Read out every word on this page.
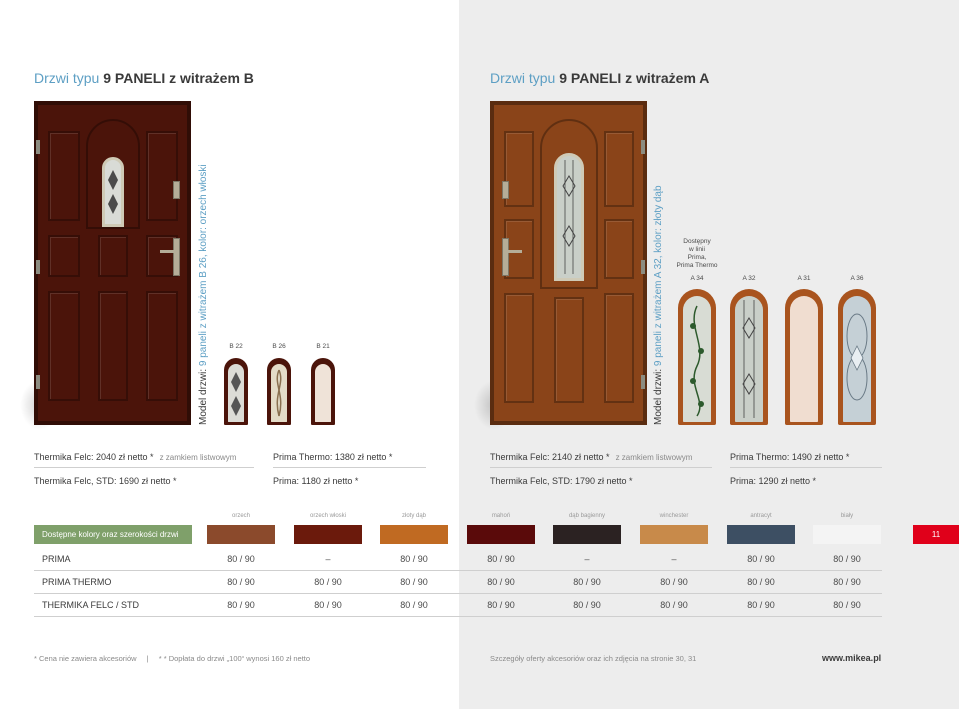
Drzwi typu 9 PANELI z witrażem B
Model drzwi: 9 paneli z witrażem B 26, kolor: orzech włoski	B 22	B 26	B 21
Drzwi typu 9 PANELI z witrażem A
Model drzwi: 9 paneli z witrażem A 32, kolor: złoty dąb	Dostępny
w linii
Prima,
Prima Thermo
A 34	A 32	A 31	A 36
Thermika Felc: 2040 zł netto * z zamkiem listwowym	Prima Thermo: 1380 zł netto *
Thermika Felc, STD: 1690 zł netto *	Prima: 1180 zł netto *
Thermika Felc: 2140 zł netto * z zamkiem listwowym	Prima Thermo: 1490 zł netto *
Thermika Felc, STD: 1790 zł netto *	Prima: 1290 zł netto *
orzech	orzech włoski	złoty dąb	mahoń	dąb bagienny	winchester	antracyt	biały
Dostępne kolory oraz szerokości drzwi	11
PRIMA	80 / 90	–	80 / 90	80 / 90	–	–	80 / 90	80 / 90
PRIMA THERMO	80 / 90	80 / 90	80 / 90	80 / 90	80 / 90	80 / 90	80 / 90	80 / 90
THERMIKA FELC / STD	80 / 90	80 / 90	80 / 90	80 / 90	80 / 90	80 / 90	80 / 90	80 / 90
* Cena nie zawiera akcesoriów | * * Dopłata do drzwi „100“ wynosi 160 zł netto	Szczegóły oferty akcesoriów oraz ich zdjęcia na stronie 30, 31	www.mikea.pl
